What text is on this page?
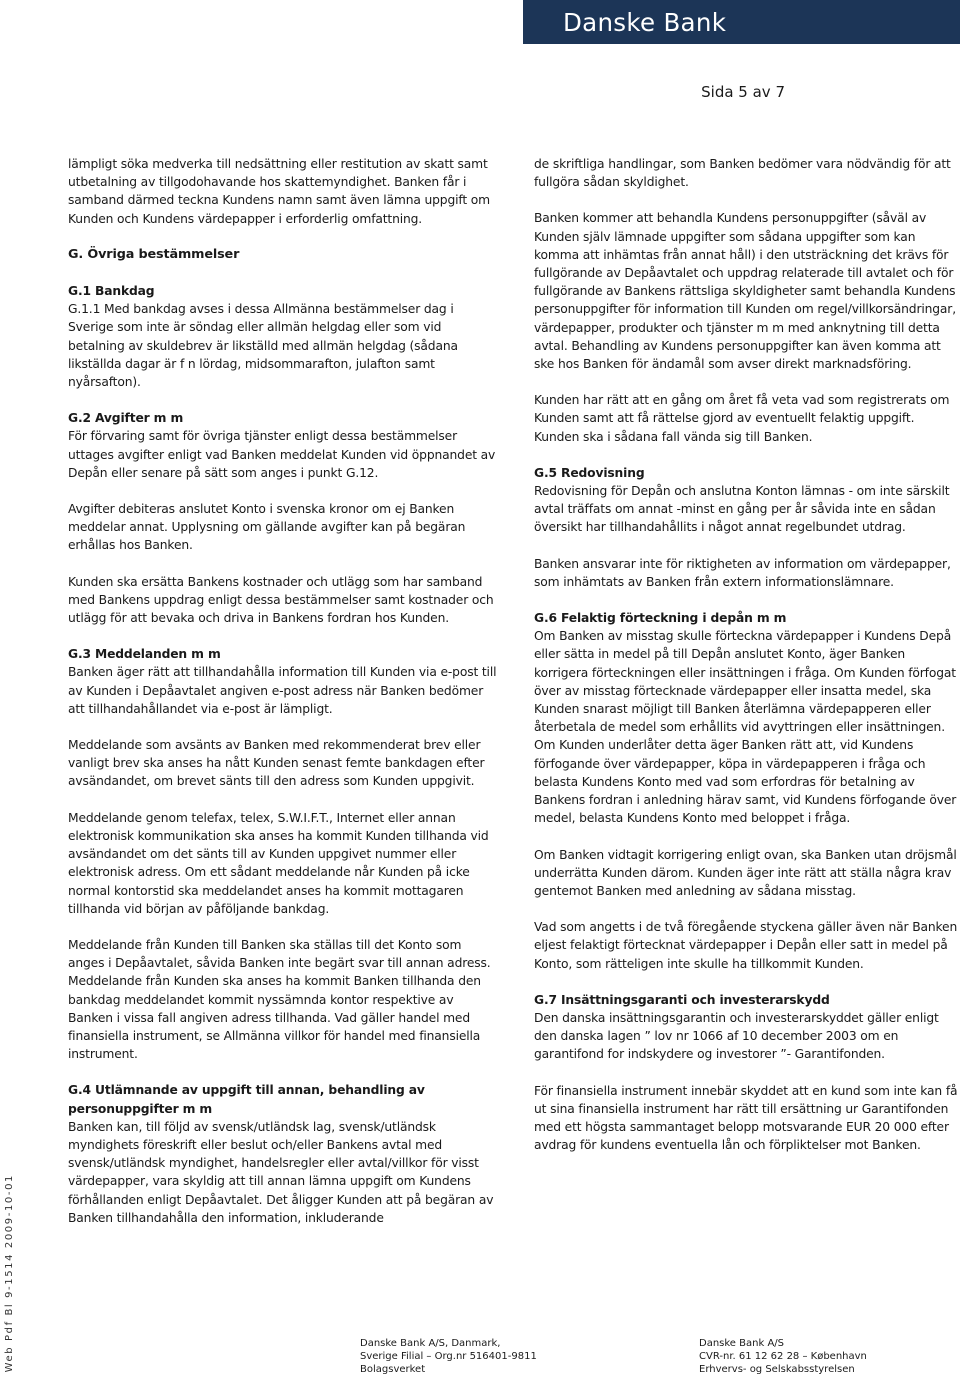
Danske Bank
Sida 5 av 7

lämpligt söka medverka till nedsättning eller restitution av skatt samt utbetalning av tillgodohavande hos skattemyndighet. Banken får i samband därmed teckna Kundens namn samt även lämna uppgift om Kunden och Kundens värdepapper i erforderlig omfattning.

G. Övriga bestämmelser
G.1 Bankdag

G.1.1 Med bankdag avses i dessa Allmänna bestämmelser dag i Sverige som inte är söndag eller allmän helgdag eller som vid betalning av skuldebrev är likställd med allmän helgdag (sådana likställda dagar är f n lördag, midsommarafton, julafton samt nyårsafton).

G.2 Avgifter m m

För förvaring samt för övriga tjänster enligt dessa bestämmelser uttages avgifter enligt vad Banken meddelat Kunden vid öppnandet av Depån eller senare på sätt som anges i punkt G.12.

Avgifter debiteras anslutet Konto i svenska kronor om ej Banken meddelar annat. Upplysning om gällande avgifter kan på begäran erhållas hos Banken.

Kunden ska ersätta Bankens kostnader och utlägg som har samband med Bankens uppdrag enligt dessa bestämmelser samt kostnader och utlägg för att bevaka och driva in Bankens fordran hos Kunden.

G.3 Meddelanden m m

Banken äger rätt att tillhandahålla information till Kunden via e-post till av Kunden i Depåavtalet angiven e-post adress när Banken bedömer att tillhandahållandet via e-post är lämpligt.

Meddelande som avsänts av Banken med rekommenderat brev eller vanligt brev ska anses ha nått Kunden senast femte bankdagen efter avsändandet, om brevet sänts till den adress som Kunden uppgivit.

Meddelande genom telefax, telex, S.W.I.F.T., Internet eller annan elektronisk kommunikation ska anses ha kommit Kunden tillhanda vid avsändandet om det sänts till av Kunden uppgivet nummer eller elektronisk adress. Om ett sådant meddelande når Kunden på icke normal kontorstid ska meddelandet anses ha kommit mottagaren tillhanda vid början av påföljande bankdag.

Meddelande från Kunden till Banken ska ställas till det Konto som anges i Depåavtalet, såvida Banken inte begärt svar till annan adress. Meddelande från Kunden ska anses ha kommit Banken tillhanda den bankdag meddelandet kommit nyssämnda kontor respektive av Banken i vissa fall angiven adress tillhanda. Vad gäller handel med finansiella instrument, se Allmänna villkor för handel med finansiella instrument.

G.4 Utlämnande av uppgift till annan, behandling av personuppgifter m m

Banken kan, till följd av svensk/utländsk lag, svensk/utländsk myndighets föreskrift eller beslut och/eller Bankens avtal med svensk/utländsk myndighet, handelsregler eller avtal/villkor för visst värdepapper, vara skyldig att till annan lämna uppgift om Kundens förhållanden enligt Depåavtalet. Det åligger Kunden att på begäran av Banken tillhandahålla den information, inkluderande

de skriftliga handlingar, som Banken bedömer vara nödvändig för att fullgöra sådan skyldighet.

Banken kommer att behandla Kundens personuppgifter (såväl av Kunden själv lämnade uppgifter som sådana uppgifter som kan komma att inhämtas från annat håll) i den utsträckning det krävs för fullgörande av Depåavtalet och uppdrag relaterade till avtalet och för fullgörande av Bankens rättsliga skyldigheter samt behandla Kundens personuppgifter för information till Kunden om regel/villkorsändringar, värdepapper, produkter och tjänster m m med anknytning till detta avtal. Behandling av Kundens personuppgifter kan även komma att ske hos Banken för ändamål som avser direkt marknadsföring.

Kunden har rätt att en gång om året få veta vad som registrerats om Kunden samt att få rättelse gjord av eventuellt felaktig uppgift. Kunden ska i sådana fall vända sig till Banken.

G.5 Redovisning

Redovisning för Depån och anslutna Konton lämnas - om inte särskilt avtal träffats om annat -minst en gång per år såvida inte en sådan översikt har tillhandahållits i något annat regelbundet utdrag.

Banken ansvarar inte för riktigheten av information om värdepapper, som inhämtats av Banken från extern informationslämnare.

G.6 Felaktig förteckning i depån m m

Om Banken av misstag skulle förteckna värdepapper i Kundens Depå eller sätta in medel på till Depån anslutet Konto, äger Banken korrigera förteckningen eller insättningen i fråga. Om Kunden förfogat över av misstag förtecknade värdepapper eller insatta medel, ska Kunden snarast möjligt till Banken återlämna värdepapperen eller återbetala de medel som erhållits vid avyttringen eller insättningen. Om Kunden underlåter detta äger Banken rätt att, vid Kundens förfogande över värdepapper, köpa in värdepapperen i fråga och belasta Kundens Konto med vad som erfordras för betalning av Bankens fordran i anledning härav samt, vid Kundens förfogande över medel, belasta Kundens Konto med beloppet i fråga.

Om Banken vidtagit korrigering enligt ovan, ska Banken utan dröjsmål underrätta Kunden därom. Kunden äger inte rätt att ställa några krav gentemot Banken med anledning av sådana misstag.

Vad som angetts i de två föregående styckena gäller även när Banken eljest felaktigt förtecknat värdepapper i Depån eller satt in medel på Konto, som rätteligen inte skulle ha tillkommit Kunden.

G.7 Insättningsgaranti och investerarskydd

Den danska insättningsgarantin och investerarskyddet gäller enligt den danska lagen ” lov nr 1066 af 10 december 2003 om en garantifond for indskydere og investorer ”- Garantifonden.

För finansiella instrument innebär skyddet att en kund som inte kan få ut sina finansiella instrument har rätt till ersättning ur Garantifonden med ett högsta sammantaget belopp motsvarande EUR 20 000 efter avdrag för kundens eventuella lån och förpliktelser mot Banken.

Web Pdf Bl 9-1514 2009-10-01	Danske Bank A/S, Danmark,
Sverige Filial – Org.nr 516401-9811
Bolagsverket
Danske Bank A/S
CVR-nr. 61 12 62 28 – København
Erhvervs- og Selskabsstyrelsen
